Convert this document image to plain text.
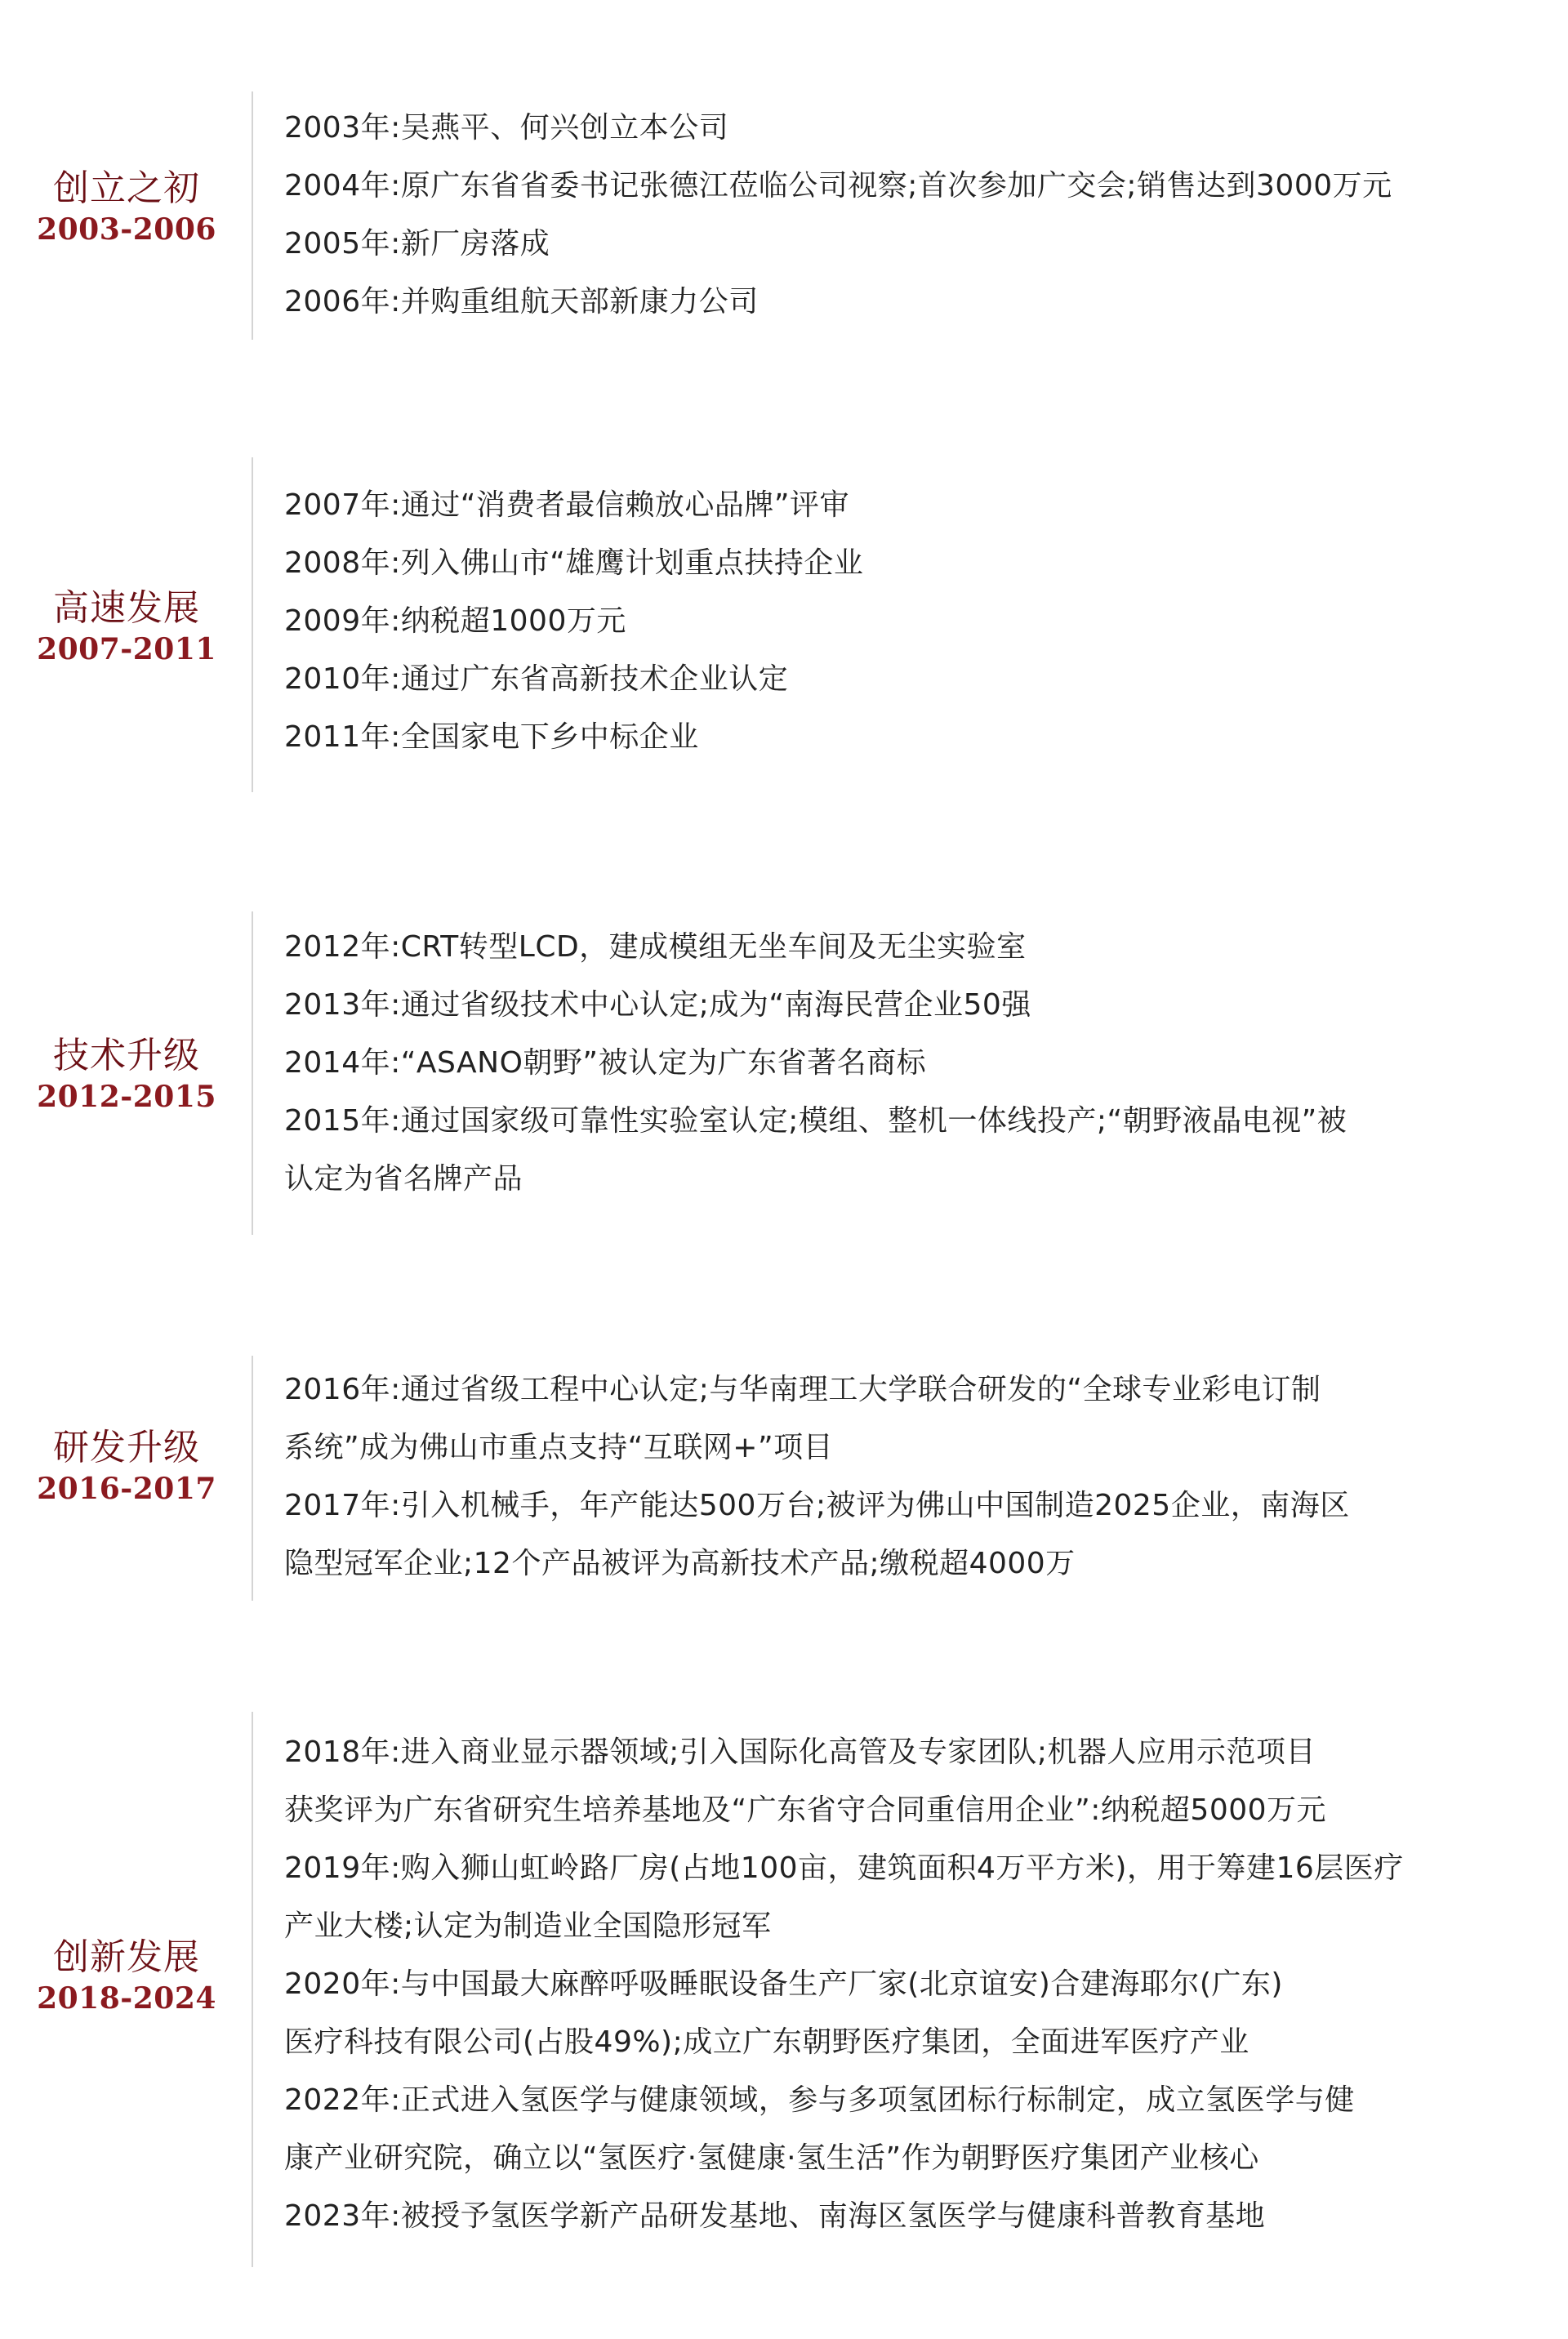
创立之初
2003-2006
2003年:吴燕平、何兴创立本公司
2004年:原广东省省委书记张德江莅临公司视察;首次参加广交会;销售达到3000万元
2005年:新厂房落成
2006年:并购重组航天部新康力公司
高速发展
2007-2011
2007年:通过“消费者最信赖放心品牌”评审
2008年:列入佛山市“雄鹰计划重点扶持企业
2009年:纳税超1000万元
2010年:通过广东省高新技术企业认定
2011年:全国家电下乡中标企业
技术升级
2012-2015
2012年:CRT转型LCD，建成模组无坐车间及无尘实验室
2013年:通过省级技术中心认定;成为“南海民营企业50强
2014年:“ASANO朝野”被认定为广东省著名商标
2015年:通过国家级可靠性实验室认定;模组、整机一体线投产;“朝野液晶电视”被
认定为省名牌产品
研发升级
2016-2017
2016年:通过省级工程中心认定;与华南理工大学联合研发的“全球专业彩电订制
系统”成为佛山市重点支持“互联网+”项目
2017年:引入机械手，年产能达500万台;被评为佛山中国制造2025企业，南海区
隐型冠军企业;12个产品被评为高新技术产品;缴税超4000万
创新发展
2018-2024
2018年:进入商业显示器领域;引入国际化高管及专家团队;机器人应用示范项目
获奖评为广东省研究生培养基地及“广东省守合同重信用企业”:纳税超5000万元
2019年:购入狮山虹岭路厂房(占地100亩，建筑面积4万平方米)，用于筹建16层医疗
产业大楼;认定为制造业全国隐形冠军
2020年:与中国最大麻醉呼吸睡眠设备生产厂家(北京谊安)合建海耶尔(广东)
医疗科技有限公司(占股49%);成立广东朝野医疗集团，全面进军医疗产业
2022年:正式进入氢医学与健康领域，参与多项氢团标行标制定，成立氢医学与健
康产业研究院，确立以“氢医疗·氢健康·氢生活”作为朝野医疗集团产业核心
2023年:被授予氢医学新产品研发基地、南海区氢医学与健康科普教育基地
